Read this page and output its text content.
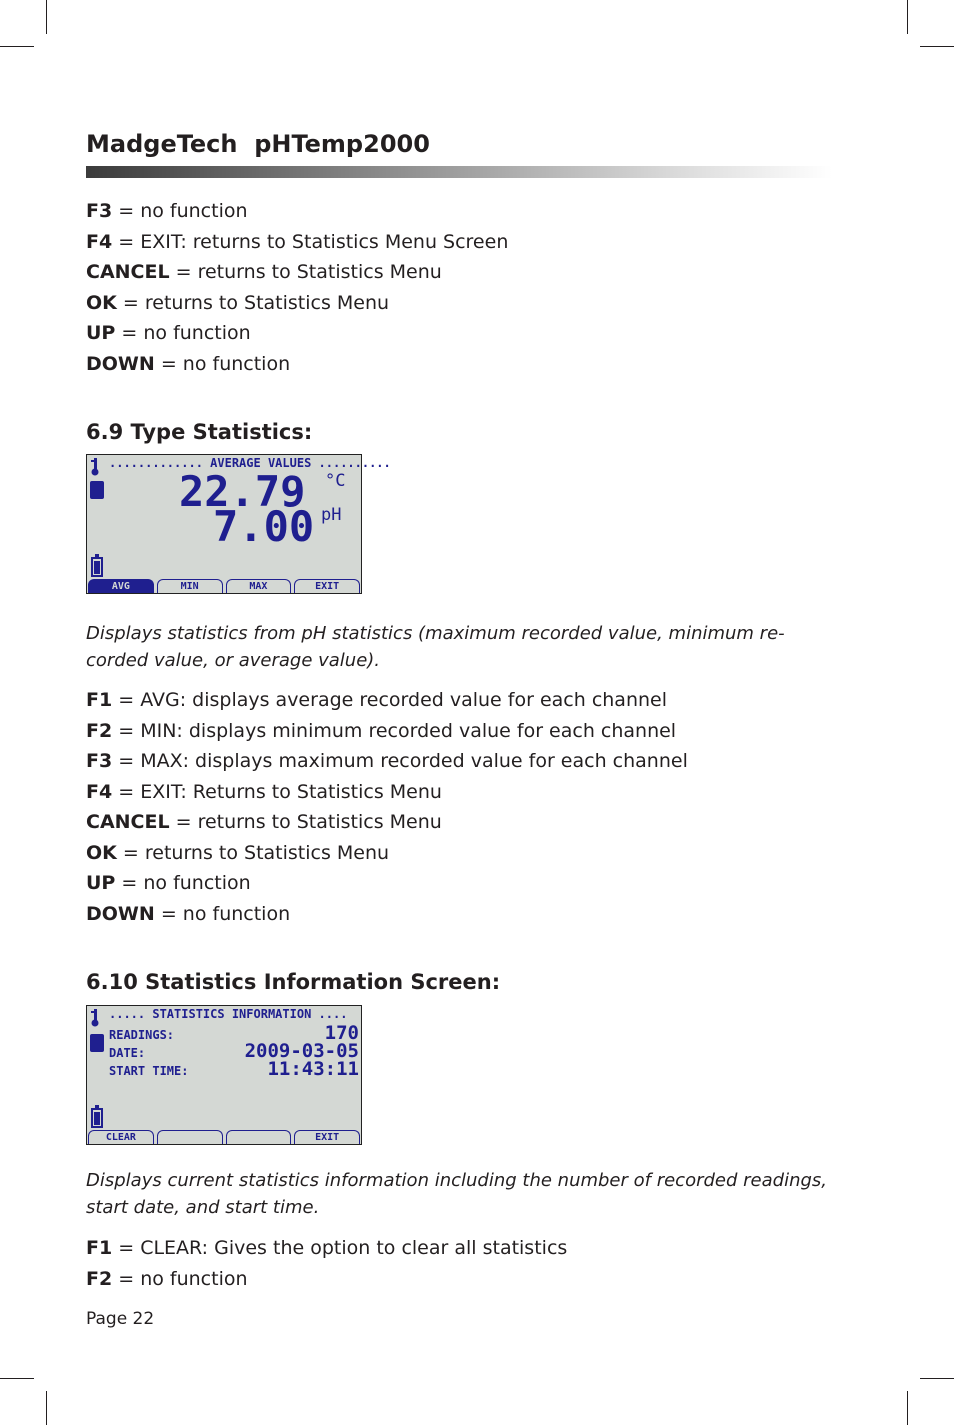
MadgeTech  pHTemp2000
F3 = no function
F4 = EXIT: returns to Statistics Menu Screen
CANCEL = returns to Statistics Menu
OK = returns to Statistics Menu
UP = no function
DOWN = no function
6.9 Type Statistics:
............. AVERAGE VALUES ..........
22.79 °C
7.00 pH
AVG	MIN	MAX	EXIT
Displays statistics from pH statistics (maximum recorded value, minimum re-corded value, or average value).
F1 = AVG: displays average recorded value for each channel
F2 = MIN: displays minimum recorded value for each channel
F3 = MAX: displays maximum recorded value for each channel
F4 = EXIT: Returns to Statistics Menu
CANCEL = returns to Statistics Menu
OK = returns to Statistics Menu
UP = no function
DOWN = no function
6.10 Statistics Information Screen:
..... STATISTICS INFORMATION ....
READINGS:	170
DATE:	2009-03-05
START TIME:	11:43:11
CLEAR	EXIT
Displays current statistics information including the number of recorded readings, start date, and start time.
F1 = CLEAR: Gives the option to clear all statistics
F2 = no function
Page 22
